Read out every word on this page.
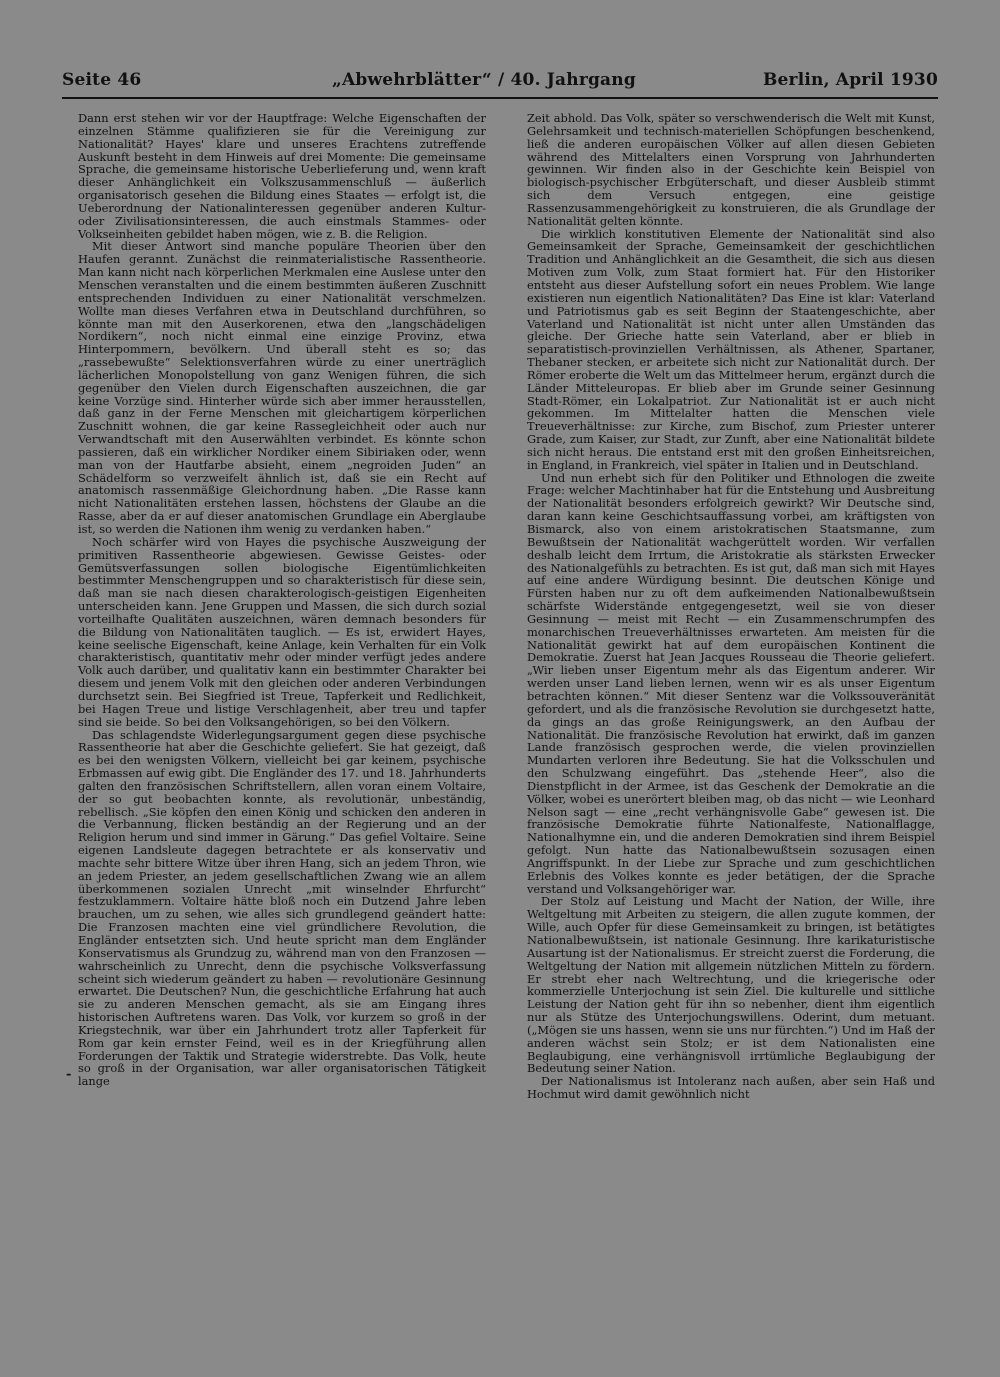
Seite 46	„Abwehrblätter“ / 40. Jahrgang	Berlin, April 1930

Dann erst stehen wir vor der Hauptfrage: Welche Eigenschaften der einzelnen Stämme qualifizieren sie für die Vereinigung zur Nationalität? Hayes' klare und unseres Erachtens zutreffende Auskunft besteht in dem Hinweis auf drei Momente: Die gemeinsame Sprache, die gemeinsame historische Ueberlieferung und, wenn kraft dieser Anhänglichkeit ein Volkszusammenschluß — äußerlich organisatorisch gesehen die Bildung eines Staates — erfolgt ist, die Ueberordnung der Nationalinteressen gegenüber anderen Kultur- oder Zivilisationsinteressen, die auch einstmals Stammes- oder Volkseinheiten gebildet haben mögen, wie z. B. die Religion.

Mit dieser Antwort sind manche populäre Theorien über den Haufen gerannt. Zunächst die reinmaterialistische Rassentheorie. Man kann nicht nach körperlichen Merkmalen eine Auslese unter den Menschen veranstalten und die einem bestimmten äußeren Zuschnitt entsprechenden Individuen zu einer Nationalität verschmelzen. Wollte man dieses Verfahren etwa in Deutschland durchführen, so könnte man mit den Auserkorenen, etwa den „langschädeligen Nordikern“, noch nicht einmal eine einzige Provinz, etwa Hinterpommern, bevölkern. Und überall steht es so; das „rassebewußte“ Selektionsverfahren würde zu einer unerträglich lächerlichen Monopolstellung von ganz Wenigen führen, die sich gegenüber den Vielen durch Eigenschaften auszeichnen, die gar keine Vorzüge sind. Hinterher würde sich aber immer herausstellen, daß ganz in der Ferne Menschen mit gleichartigem körperlichen Zuschnitt wohnen, die gar keine Rassegleichheit oder auch nur Verwandtschaft mit den Auserwählten verbindet. Es könnte schon passieren, daß ein wirklicher Nordiker einem Sibiriaken oder, wenn man von der Hautfarbe absieht, einem „negroiden Juden“ an Schädelform so verzweifelt ähnlich ist, daß sie ein Recht auf anatomisch rassenmäßige Gleichordnung haben. „Die Rasse kann nicht Nationalitäten erstehen lassen, höchstens der Glaube an die Rasse, aber da er auf dieser anatomischen Grundlage ein Aberglaube ist, so werden die Nationen ihm wenig zu verdanken haben.“

Noch schärfer wird von Hayes die psychische Auszweigung der primitiven Rassentheorie abgewiesen. Gewisse Geistes- oder Gemütsverfassungen sollen biologische Eigentümlichkeiten bestimmter Menschengruppen und so charakteristisch für diese sein, daß man sie nach diesen charakterologisch-geistigen Eigenheiten unterscheiden kann. Jene Gruppen und Massen, die sich durch sozial vorteilhafte Qualitäten auszeichnen, wären demnach besonders für die Bildung von Nationalitäten tauglich. — Es ist, erwidert Hayes, keine seelische Eigenschaft, keine Anlage, kein Verhalten für ein Volk charakteristisch, quantitativ mehr oder minder verfügt jedes andere Volk auch darüber, und qualitativ kann ein bestimmter Charakter bei diesem und jenem Volk mit den gleichen oder anderen Verbindungen durchsetzt sein. Bei Siegfried ist Treue, Tapferkeit und Redlichkeit, bei Hagen Treue und listige Verschlagenheit, aber treu und tapfer sind sie beide. So bei den Volksangehörigen, so bei den Völkern.

Das schlagendste Widerlegungsargument gegen diese psychische Rassentheorie hat aber die Geschichte geliefert. Sie hat gezeigt, daß es bei den wenigsten Völkern, vielleicht bei gar keinem, psychische Erbmassen auf ewig gibt. Die Engländer des 17. und 18. Jahrhunderts galten den französischen Schriftstellern, allen voran einem Voltaire, der so gut beobachten konnte, als revolutionär, unbeständig, rebellisch. „Sie köpfen den einen König und schicken den anderen in die Verbannung, flicken beständig an der Regierung und an der Religion herum und sind immer in Gärung.“ Das gefiel Voltaire. Seine eigenen Landsleute dagegen betrachtete er als konservativ und machte sehr bittere Witze über ihren Hang, sich an jedem Thron, wie an jedem Priester, an jedem gesellschaftlichen Zwang wie an allem überkommenen sozialen Unrecht „mit winselnder Ehrfurcht“ festzuklammern. Voltaire hätte bloß noch ein Dutzend Jahre leben brauchen, um zu sehen, wie alles sich grundlegend geändert hatte: Die Franzosen machten eine viel gründlichere Revolution, die Engländer entsetzten sich. Und heute spricht man dem Engländer Konservatismus als Grundzug zu, während man von den Franzosen — wahrscheinlich zu Unrecht, denn die psychische Volksverfassung scheint sich wiederum geändert zu haben — revolutionäre Gesinnung erwartet. Die Deutschen? Nun, die geschichtliche Erfahrung hat auch sie zu anderen Menschen gemacht, als sie am Eingang ihres historischen Auftretens waren. Das Volk, vor kurzem so groß in der Kriegstechnik, war über ein Jahrhundert trotz aller Tapferkeit für Rom gar kein ernster Feind, weil es in der Kriegführung allen Forderungen der Taktik und Strategie widerstrebte. Das Volk, heute so groß in der Organisation, war aller organisatorischen Tätigkeit lange

Zeit abhold. Das Volk, später so verschwenderisch die Welt mit Kunst, Gelehrsamkeit und technisch-materiellen Schöpfungen beschenkend, ließ die anderen europäischen Völker auf allen diesen Gebieten während des Mittelalters einen Vorsprung von Jahrhunderten gewinnen. Wir finden also in der Geschichte kein Beispiel von biologisch-psychischer Erbgüterschaft, und dieser Ausbleib stimmt sich dem Versuch entgegen, eine geistige Rassenzusammengehörigkeit zu konstruieren, die als Grundlage der Nationalität gelten könnte.

Die wirklich konstitutiven Elemente der Nationalität sind also Gemeinsamkeit der Sprache, Gemeinsamkeit der geschichtlichen Tradition und Anhänglichkeit an die Gesamtheit, die sich aus diesen Motiven zum Volk, zum Staat formiert hat. Für den Historiker entsteht aus dieser Aufstellung sofort ein neues Problem. Wie lange existieren nun eigentlich Nationalitäten? Das Eine ist klar: Vaterland und Patriotismus gab es seit Beginn der Staatengeschichte, aber Vaterland und Nationalität ist nicht unter allen Umständen das gleiche. Der Grieche hatte sein Vaterland, aber er blieb in separatistisch-provinziellen Verhältnissen, als Athener, Spartaner, Thebaner stecken, er arbeitete sich nicht zur Nationalität durch. Der Römer eroberte die Welt um das Mittelmeer herum, ergänzt durch die Länder Mitteleuropas. Er blieb aber im Grunde seiner Gesinnung Stadt-Römer, ein Lokalpatriot. Zur Nationalität ist er auch nicht gekommen. Im Mittelalter hatten die Menschen viele Treueverhältnisse: zur Kirche, zum Bischof, zum Priester unterer Grade, zum Kaiser, zur Stadt, zur Zunft, aber eine Nationalität bildete sich nicht heraus. Die entstand erst mit den großen Einheitsreichen, in England, in Frankreich, viel später in Italien und in Deutschland.

Und nun erhebt sich für den Politiker und Ethnologen die zweite Frage: welcher Machtinhaber hat für die Entstehung und Ausbreitung der Nationalität besonders erfolgreich gewirkt? Wir Deutsche sind, daran kann keine Geschichtsauffassung vorbei, am kräftigsten von Bismarck, also von einem aristokratischen Staatsmanne, zum Bewußtsein der Nationalität wachgerüttelt worden. Wir verfallen deshalb leicht dem Irrtum, die Aristokratie als stärksten Erwecker des Nationalgefühls zu betrachten. Es ist gut, daß man sich mit Hayes auf eine andere Würdigung besinnt. Die deutschen Könige und Fürsten haben nur zu oft dem aufkeimenden Nationalbewußtsein schärfste Widerstände entgegengesetzt, weil sie von dieser Gesinnung — meist mit Recht — ein Zusammenschrumpfen des monarchischen Treueverhältnisses erwarteten. Am meisten für die Nationalität gewirkt hat auf dem europäischen Kontinent die Demokratie. Zuerst hat Jean Jacques Rousseau die Theorie geliefert. „Wir lieben unser Eigentum mehr als das Eigentum anderer. Wir werden unser Land lieben lernen, wenn wir es als unser Eigentum betrachten können.“ Mit dieser Sentenz war die Volkssouveränität gefordert, und als die französische Revolution sie durchgesetzt hatte, da gings an das große Reinigungswerk, an den Aufbau der Nationalität. Die französische Revolution hat erwirkt, daß im ganzen Lande französisch gesprochen werde, die vielen provinziellen Mundarten verloren ihre Bedeutung. Sie hat die Volksschulen und den Schulzwang eingeführt. Das „stehende Heer“, also die Dienstpflicht in der Armee, ist das Geschenk der Demokratie an die Völker, wobei es unerörtert bleiben mag, ob das nicht — wie Leonhard Nelson sagt — eine „recht verhängnisvolle Gabe“ gewesen ist. Die französische Demokratie führte Nationalfeste, Nationalflagge, Nationalhymne ein, und die anderen Demokratien sind ihrem Beispiel gefolgt. Nun hatte das Nationalbewußtsein sozusagen einen Angriffspunkt. In der Liebe zur Sprache und zum geschichtlichen Erlebnis des Volkes konnte es jeder betätigen, der die Sprache verstand und Volksangehöriger war.

Der Stolz auf Leistung und Macht der Nation, der Wille, ihre Weltgeltung mit Arbeiten zu steigern, die allen zugute kommen, der Wille, auch Opfer für diese Gemeinsamkeit zu bringen, ist betätigtes Nationalbewußtsein, ist nationale Gesinnung. Ihre karikaturistische Ausartung ist der Nationalismus. Er streicht zuerst die Forderung, die Weltgeltung der Nation mit allgemein nützlichen Mitteln zu fördern. Er strebt eher nach Weltrechtung, und die kriegerische oder kommerzielle Unterjochung ist sein Ziel. Die kulturelle und sittliche Leistung der Nation geht für ihn so nebenher, dient ihm eigentlich nur als Stütze des Unterjochungswillens. Oderint, dum metuant. („Mögen sie uns hassen, wenn sie uns nur fürchten.“) Und im Haß der anderen wächst sein Stolz; er ist dem Nationalisten eine Beglaubigung, eine verhängnisvoll irrtümliche Beglaubigung der Bedeutung seiner Nation.

Der Nationalismus ist Intoleranz nach außen, aber sein Haß und Hochmut wird damit gewöhnlich nicht

-
